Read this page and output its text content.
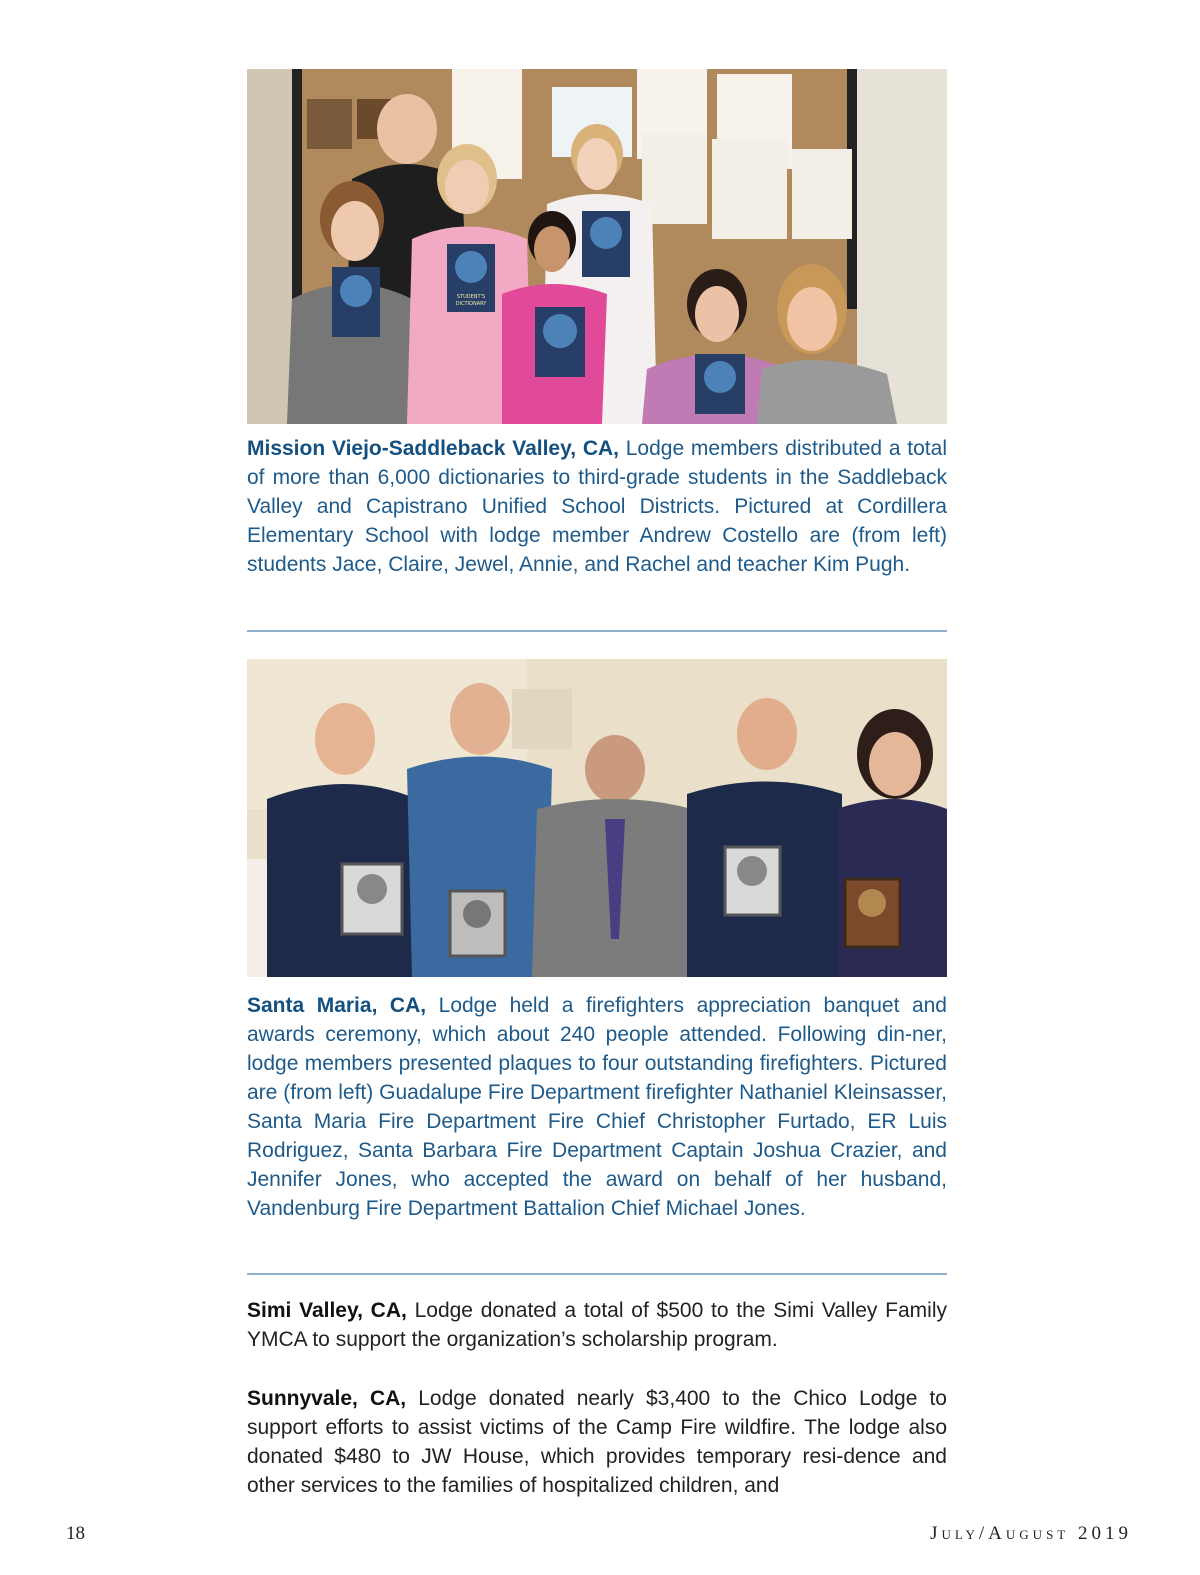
STUDENT'S
DICTIONARY
Mission Viejo-Saddleback Valley, CA, Lodge members distributed a total of more than 6,000 dictionaries to third-grade students in the Saddleback Valley and Capistrano Unified School Districts. Pictured at Cordillera Elementary School with lodge member Andrew Costello are (from left) students Jace, Claire, Jewel, Annie, and Rachel and teacher Kim Pugh.
Santa Maria, CA, Lodge held a firefighters appreciation banquet and awards ceremony, which about 240 people attended. Following din-ner, lodge members presented plaques to four outstanding firefighters. Pictured are (from left) Guadalupe Fire Department firefighter Nathaniel Kleinsasser, Santa Maria Fire Department Fire Chief Christopher Furtado, ER Luis Rodriguez, Santa Barbara Fire Department Captain Joshua Crazier, and Jennifer Jones, who accepted the award on behalf of her husband, Vandenburg Fire Department Battalion Chief Michael Jones.
Simi Valley, CA, Lodge donated a total of $500 to the Simi Valley Family YMCA to support the organization’s scholarship program.
Sunnyvale, CA, Lodge donated nearly $3,400 to the Chico Lodge to support efforts to assist victims of the Camp Fire wildfire. The lodge also donated $480 to JW House, which provides temporary resi-dence and other services to the families of hospitalized children, and
18	July/August 2019
